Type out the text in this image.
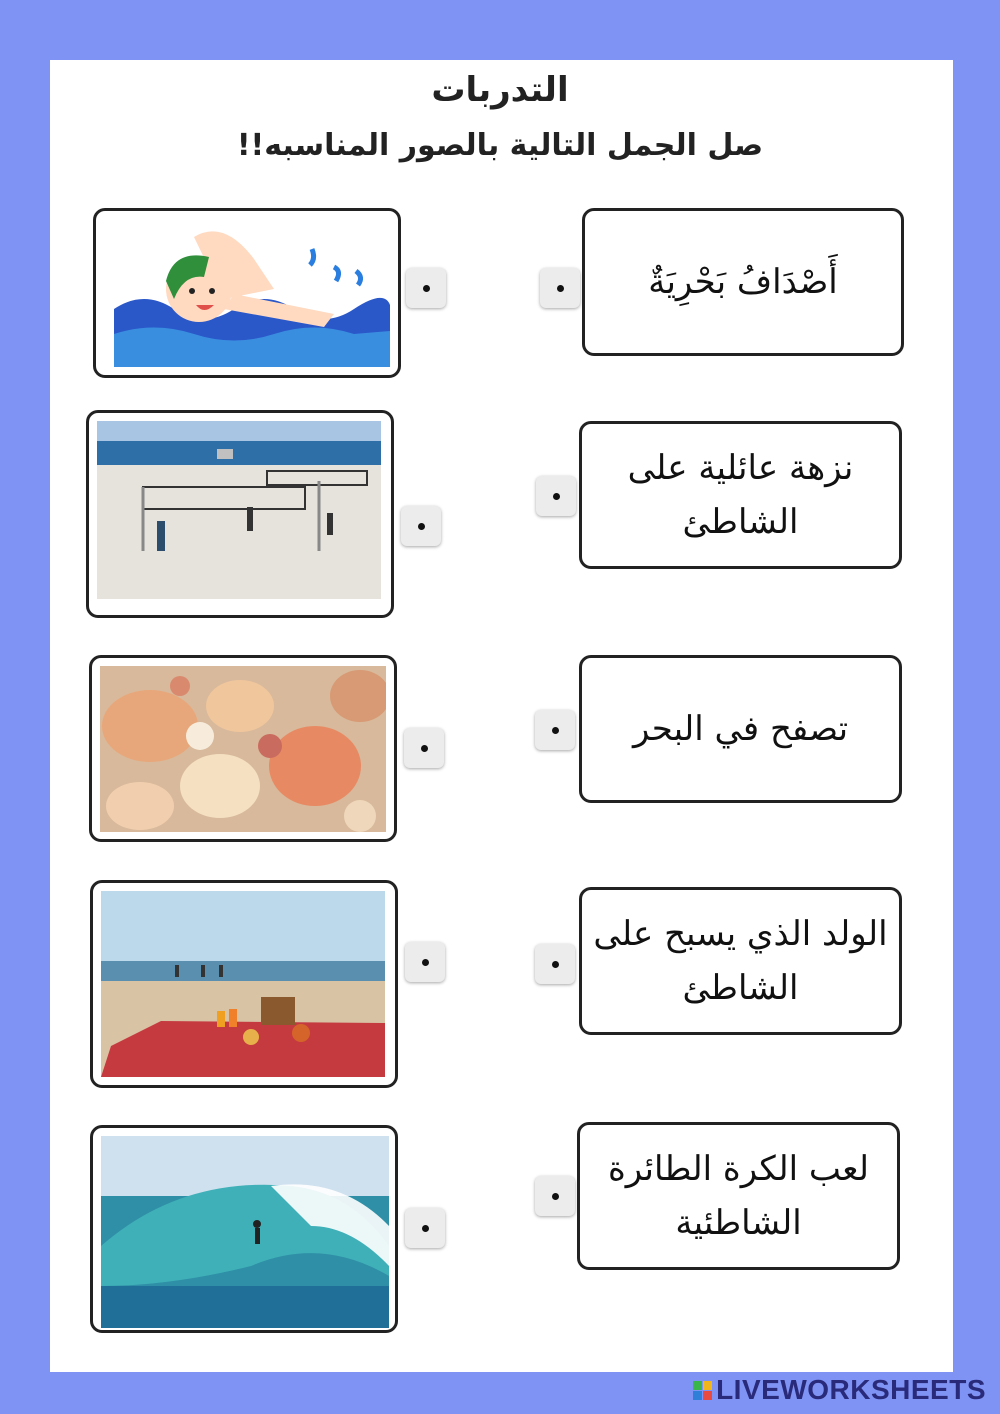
التدربات
صل الجمل التالية بالصور المناسبه!!
أَصْدَافُ بَحْرِيَةٌ
نزهة عائلية على الشاطئ
تصفح في البحر
الولد الذي يسبح على الشاطئ
لعب الكرة الطائرة الشاطئية
LIVEWORKSHEETS
